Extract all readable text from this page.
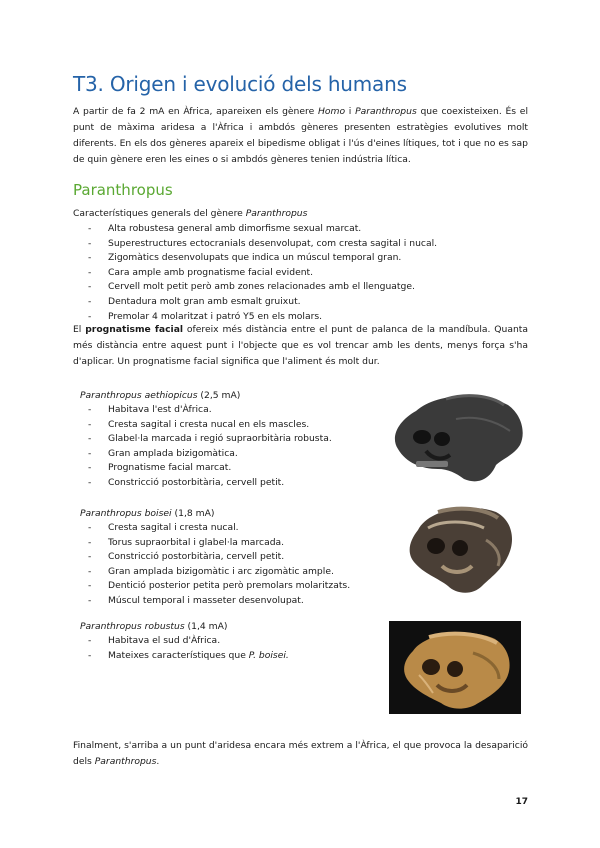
T3. Origen i evolució dels humans

A partir de fa 2 mA en Àfrica, apareixen els gènere Homo i Paranthropus que coexisteixen. És el punt de màxima aridesa a l'Àfrica i ambdós gèneres presenten estratègies evolutives molt diferents. En els dos gèneres apareix el bipedisme obligat i l'ús d'eines lítiques, tot i que no es sap de quin gènere eren les eines o si ambdós gèneres tenien indústria lítica.

Paranthropus

Característiques generals del gènere Paranthropus

- Alta robustesa general amb dimorfisme sexual marcat.
- Superestructures ectocranials desenvolupat, com cresta sagital i nucal.
- Zigomàtics desenvolupats que indica un múscul temporal gran.
- Cara ample amb prognatisme facial evident.
- Cervell molt petit però amb zones relacionades amb el llenguatge.
- Dentadura molt gran amb esmalt gruixut.
- Premolar 4 molaritzat i patró Y5 en els molars.

El prognatisme facial ofereix més distància entre el punt de palanca de la mandíbula. Quanta més distància entre aquest punt i l'objecte que es vol trencar amb les dents, menys força s'ha d'aplicar. Un prognatisme facial significa que l'aliment és molt dur.

Paranthropus aethiopicus (2,5 mA)

- Habitava l'est d'Àfrica.
- Cresta sagital i cresta nucal en els mascles.
- Glabel·la marcada i regió supraorbitària robusta.
- Gran amplada bizigomàtica.
- Prognatisme facial marcat.
- Constricció postorbitària, cervell petit.

Paranthropus boisei (1,8 mA)

- Cresta sagital i cresta nucal.
- Torus supraorbital i glabel·la marcada.
- Constricció postorbitària, cervell petit.
- Gran amplada bizigomàtic i arc zigomàtic ample.
- Dentició posterior petita però premolars molaritzats.
- Múscul temporal i masseter desenvolupat.

Paranthropus robustus (1,4 mA)

- Habitava el sud d'Àfrica.
- Mateixes característiques que P. boisei.

Finalment, s'arriba a un punt d'aridesa encara més extrem a l'Àfrica, el que provoca la desaparició dels Paranthropus.

17
